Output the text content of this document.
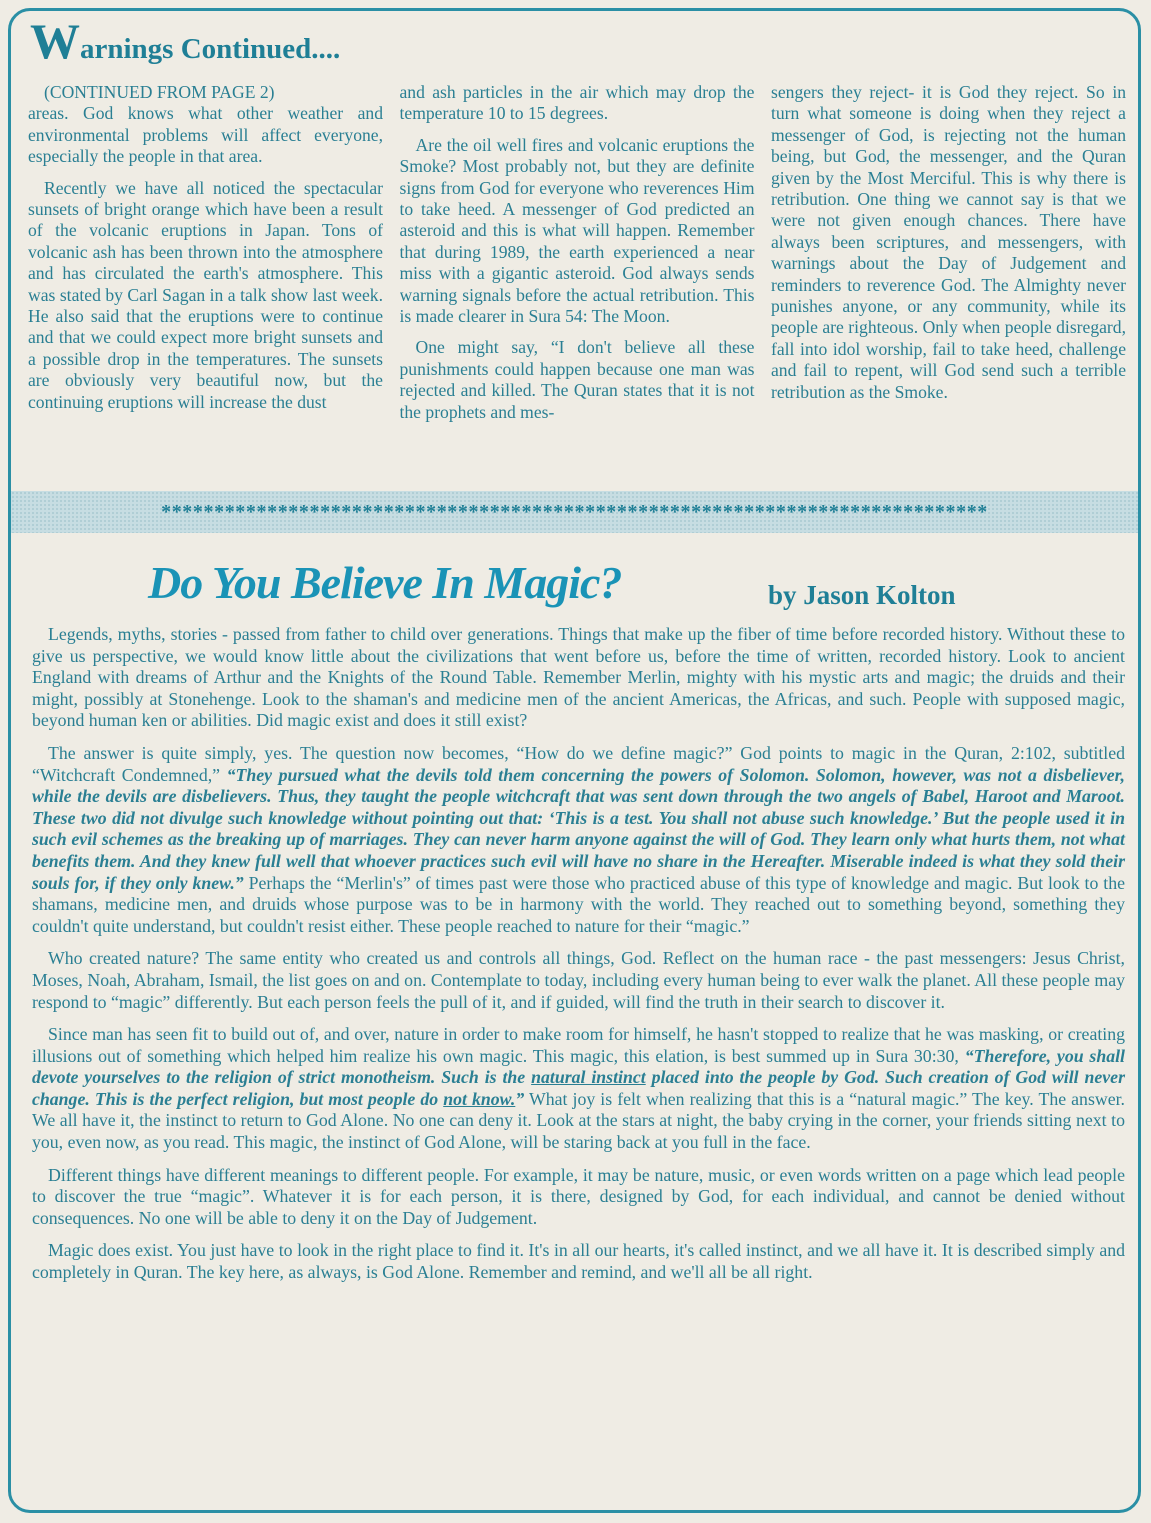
Warnings Continued....

(CONTINUED FROM PAGE 2)

areas. God knows what other weather and environmental problems will affect everyone, especially the people in that area.

Recently we have all noticed the spectacular sunsets of bright orange which have been a result of the volcanic eruptions in Japan. Tons of volcanic ash has been thrown into the atmosphere and has circulated the earth's atmosphere. This was stated by Carl Sagan in a talk show last week. He also said that the eruptions were to continue and that we could expect more bright sunsets and a possible drop in the temperatures. The sunsets are obviously very beautiful now, but the continuing eruptions will increase the dust

and ash particles in the air which may drop the temperature 10 to 15 degrees.

Are the oil well fires and volcanic eruptions the Smoke? Most probably not, but they are definite signs from God for everyone who reverences Him to take heed. A messenger of God predicted an asteroid and this is what will happen. Remember that during 1989, the earth experienced a near miss with a gigantic asteroid. God always sends warning signals before the actual retribution. This is made clearer in Sura 54: The Moon.

One might say, “I don't believe all these punishments could happen because one man was rejected and killed. The Quran states that it is not the prophets and mes-

sengers they reject- it is God they reject. So in turn what someone is doing when they reject a messenger of God, is rejecting not the human being, but God, the messenger, and the Quran given by the Most Merciful. This is why there is retribution. One thing we cannot say is that we were not given enough chances. There have always been scriptures, and messengers, with warnings about the Day of Judgement and reminders to reverence God. The Almighty never punishes anyone, or any community, while its people are righteous. Only when people disregard, fall into idol worship, fail to take heed, challenge and fail to repent, will God send such a terrible retribution as the Smoke.

******************************************************************************
Do You Believe In Magic?	by Jason Kolton

Legends, myths, stories - passed from father to child over generations. Things that make up the fiber of time before recorded history. Without these to give us perspective, we would know little about the civilizations that went before us, before the time of written, recorded history. Look to ancient England with dreams of Arthur and the Knights of the Round Table. Remember Merlin, mighty with his mystic arts and magic; the druids and their might, possibly at Stonehenge. Look to the shaman's and medicine men of the ancient Americas, the Africas, and such. People with supposed magic, beyond human ken or abilities. Did magic exist and does it still exist?

The answer is quite simply, yes. The question now becomes, “How do we define magic?” God points to magic in the Quran, 2:102, subtitled “Witchcraft Condemned,” “They pursued what the devils told them concerning the powers of Solomon. Solomon, however, was not a disbeliever, while the devils are disbelievers. Thus, they taught the people witchcraft that was sent down through the two angels of Babel, Haroot and Maroot. These two did not divulge such knowledge without pointing out that: ‘This is a test. You shall not abuse such knowledge.’ But the people used it in such evil schemes as the breaking up of marriages. They can never harm anyone against the will of God. They learn only what hurts them, not what benefits them. And they knew full well that whoever practices such evil will have no share in the Hereafter. Miserable indeed is what they sold their souls for, if they only knew.” Perhaps the “Merlin's” of times past were those who practiced abuse of this type of knowledge and magic. But look to the shamans, medicine men, and druids whose purpose was to be in harmony with the world. They reached out to something beyond, something they couldn't quite understand, but couldn't resist either. These people reached to nature for their “magic.”

Who created nature? The same entity who created us and controls all things, God. Reflect on the human race - the past messengers: Jesus Christ, Moses, Noah, Abraham, Ismail, the list goes on and on. Contemplate to today, including every human being to ever walk the planet. All these people may respond to “magic” differently. But each person feels the pull of it, and if guided, will find the truth in their search to discover it.

Since man has seen fit to build out of, and over, nature in order to make room for himself, he hasn't stopped to realize that he was masking, or creating illusions out of something which helped him realize his own magic. This magic, this elation, is best summed up in Sura 30:30, “Therefore, you shall devote yourselves to the religion of strict monotheism. Such is the natural instinct placed into the people by God. Such creation of God will never change. This is the perfect religion, but most people do not know.” What joy is felt when realizing that this is a “natural magic.” The key. The answer. We all have it, the instinct to return to God Alone. No one can deny it. Look at the stars at night, the baby crying in the corner, your friends sitting next to you, even now, as you read. This magic, the instinct of God Alone, will be staring back at you full in the face.

Different things have different meanings to different people. For example, it may be nature, music, or even words written on a page which lead people to discover the true “magic”. Whatever it is for each person, it is there, designed by God, for each individual, and cannot be denied without consequences. No one will be able to deny it on the Day of Judgement.

Magic does exist. You just have to look in the right place to find it. It's in all our hearts, it's called instinct, and we all have it. It is described simply and completely in Quran. The key here, as always, is God Alone. Remember and remind, and we'll all be all right.
